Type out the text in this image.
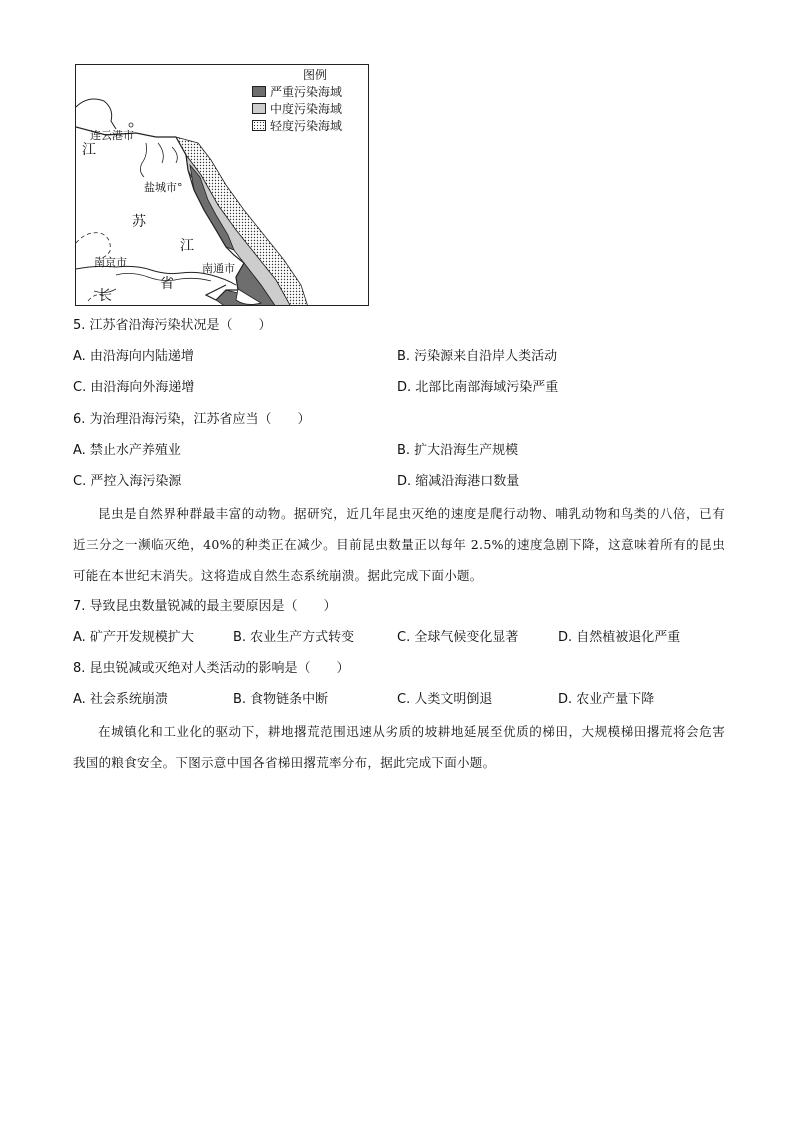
图例
严重污染海域
中度污染海域
轻度污染海域
连云港市
江
盐城市°
苏
南京市
江
南通市
省
长
5. 江苏省沿海污染状况是（　　）
A. 由沿海向内陆递增	B. 污染源来自沿岸人类活动
C. 由沿海向外海递增	D. 北部比南部海域污染严重
6. 为治理沿海污染，江苏省应当（　　）
A. 禁止水产养殖业	B. 扩大沿海生产规模
C. 严控入海污染源	D. 缩减沿海港口数量
昆虫是自然界种群最丰富的动物。据研究，近几年昆虫灭绝的速度是爬行动物、哺乳动物和鸟类的八倍，已有近三分之一濒临灭绝，40%的种类正在减少。目前昆虫数量正以每年 2.5%的速度急剧下降，这意味着所有的昆虫可能在本世纪末消失。这将造成自然生态系统崩溃。据此完成下面小题。
7. 导致昆虫数量锐减的最主要原因是（　　）
A. 矿产开发规模扩大	B. 农业生产方式转变	C. 全球气候变化显著	D. 自然植被退化严重
8. 昆虫锐减或灭绝对人类活动的影响是（　　）
A. 社会系统崩溃	B. 食物链条中断	C. 人类文明倒退	D. 农业产量下降
在城镇化和工业化的驱动下，耕地撂荒范围迅速从劣质的坡耕地延展至优质的梯田，大规模梯田撂荒将会危害我国的粮食安全。下图示意中国各省梯田撂荒率分布，据此完成下面小题。
